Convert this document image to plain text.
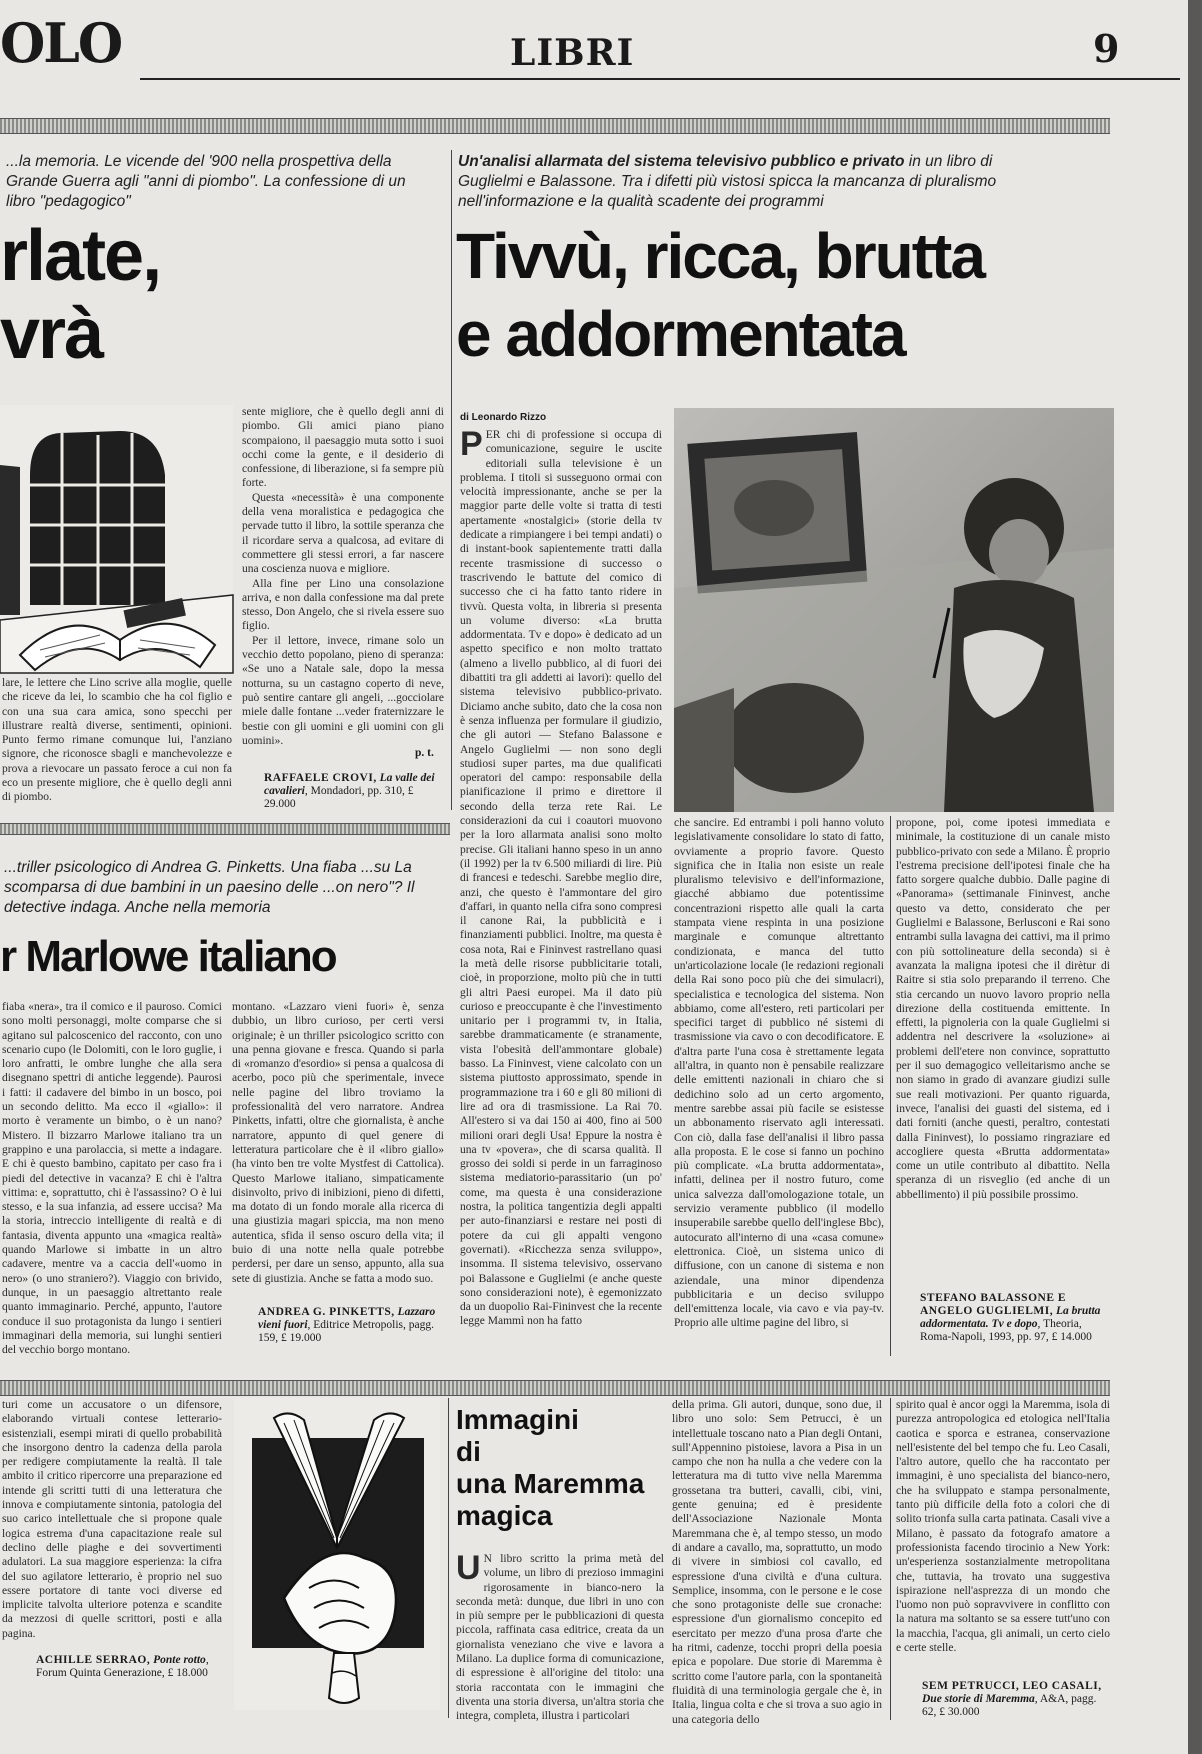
OLO	LIBRI	9
...la memoria. Le vicende del '900 nella prospettiva della Grande Guerra agli "anni di piombo". La confessione di un libro "pedagogico"
rlate,
vrà

lare, le lettere che Lino scrive alla moglie, quelle che riceve da lei, lo scambio che ha col figlio e con una sua cara amica, sono specchi per illustrare realtà diverse, sentimenti, opinioni. Punto fermo rimane comunque lui, l'anziano signore, che riconosce sbagli e manchevolezze e prova a rievocare un passato feroce a cui non fa eco un presente migliore, che è quello degli anni di piombo.

sente migliore, che è quello degli anni di piombo. Gli amici piano piano scompaiono, il paesaggio muta sotto i suoi occhi come la gente, e il desiderio di confessione, di liberazione, si fa sempre più forte.

Questa «necessità» è una componente della vena moralistica e pedagogica che pervade tutto il libro, la sottile speranza che il ricordare serva a qualcosa, ad evitare di commettere gli stessi errori, a far nascere una coscienza nuova e migliore.

Alla fine per Lino una consolazione arriva, e non dalla confessione ma dal prete stesso, Don Angelo, che si rivela essere suo figlio.

Per il lettore, invece, rimane solo un vecchio detto popolano, pieno di speranza: «Se uno a Natale sale, dopo la messa notturna, su un castagno coperto di neve, può sentire cantare gli angeli, ...gocciolare miele dalle fontane ...veder fraternizzare le bestie con gli uomini e gli uomini con gli uomini».

p. t.
RAFFAELE CROVI, La valle dei cavalieri, Mondadori, pp. 310, £ 29.000
Un'analisi allarmata del sistema televisivo pubblico e privato in un libro di Guglielmi e Balassone. Tra i difetti più vistosi spicca la mancanza di pluralismo nell'informazione e la qualità scadente dei programmi
Tivvù, ricca, brutta
e addormentata
di Leonardo Rizzo

PER chi di professione si occupa di comunicazione, seguire le uscite editoriali sulla televisione è un problema. I titoli si susseguono ormai con velocità impressionante, anche se per la maggior parte delle volte si tratta di testi apertamente «nostalgici» (storie della tv dedicate a rimpiangere i bei tempi andati) o di instant-book sapientemente tratti dalla recente trasmissione di successo o trascrivendo le battute del comico di successo che ci ha fatto tanto ridere in tivvù. Questa volta, in libreria si presenta un volume diverso: «La brutta addormentata. Tv e dopo» è dedicato ad un aspetto specifico e non molto trattato (almeno a livello pubblico, al di fuori dei dibattiti tra gli addetti ai lavori): quello del sistema televisivo pubblico-privato. Diciamo anche subito, dato che la cosa non è senza influenza per formulare il giudizio, che gli autori — Stefano Balassone e Angelo Guglielmi — non sono degli studiosi super partes, ma due qualificati operatori del campo: responsabile della pianificazione il primo e direttore il secondo della terza rete Rai. Le considerazioni da cui i coautori muovono per la loro allarmata analisi sono molto precise. Gli italiani hanno speso in un anno (il 1992) per la tv 6.500 miliardi di lire. Più di francesi e tedeschi. Sarebbe meglio dire, anzi, che questo è l'ammontare del giro d'affari, in quanto nella cifra sono compresi il canone Rai, la pubblicità e i finanziamenti pubblici. Inoltre, ma questa è cosa nota, Rai e Fininvest rastrellano quasi la metà delle risorse pubblicitarie totali, cioè, in proporzione, molto più che in tutti gli altri Paesi europei. Ma il dato più curioso e preoccupante è che l'investimento unitario per i programmi tv, in Italia, sarebbe drammaticamente (e stranamente, vista l'obesità dell'ammontare globale) basso. La Fininvest, viene calcolato con un sistema piuttosto approssimato, spende in programmazione tra i 60 e gli 80 milioni di lire ad ora di trasmissione. La Rai 70. All'estero si va dai 150 ai 400, fino ai 500 milioni orari degli Usa! Eppure la nostra è una tv «povera», che di scarsa qualità. Il grosso dei soldi si perde in un farraginoso sistema mediatorio-parassitario (un po' come, ma questa è una considerazione nostra, la politica tangentizia degli appalti per auto-finanziarsi e restare nei posti di potere da cui gli appalti vengono governati). «Ricchezza senza sviluppo», insomma. Il sistema televisivo, osservano poi Balassone e Guglielmi (e anche queste sono considerazioni note), è egemonizzato da un duopolio Rai-Fininvest che la recente legge Mammì non ha fatto

che sancire. Ed entrambi i poli hanno voluto legislativamente consolidare lo stato di fatto, ovviamente a proprio favore. Questo significa che in Italia non esiste un reale pluralismo televisivo e dell'informazione, giacché abbiamo due potentissime concentrazioni rispetto alle quali la carta stampata viene respinta in una posizione marginale e comunque altrettanto condizionata, e manca del tutto un'articolazione locale (le redazioni regionali della Rai sono poco più che dei simulacri), specialistica e tecnologica del sistema. Non abbiamo, come all'estero, reti particolari per specifici target di pubblico né sistemi di trasmissione via cavo o con decodificatore. E d'altra parte l'una cosa è strettamente legata all'altra, in quanto non è pensabile realizzare delle emittenti nazionali in chiaro che si dedichino solo ad un certo argomento, mentre sarebbe assai più facile se esistesse un abbonamento riservato agli interessati. Con ciò, dalla fase dell'analisi il libro passa alla proposta. E le cose si fanno un pochino più complicate. «La brutta addormentata», infatti, delinea per il nostro futuro, come unica salvezza dall'omologazione totale, un servizio veramente pubblico (il modello insuperabile sarebbe quello dell'inglese Bbc), autocurato all'interno di una «casa comune» elettronica. Cioè, un sistema unico di diffusione, con un canone di sistema e non aziendale, una minor dipendenza pubblicitaria e un deciso sviluppo dell'emittenza locale, via cavo e via pay-tv. Proprio alle ultime pagine del libro, si

propone, poi, come ipotesi immediata e minimale, la costituzione di un canale misto pubblico-privato con sede a Milano. È proprio l'estrema precisione dell'ipotesi finale che ha fatto sorgere qualche dubbio. Dalle pagine di «Panorama» (settimanale Fininvest, anche questo va detto, considerato che per Guglielmi e Balassone, Berlusconi e Rai sono entrambi sulla lavagna dei cattivi, ma il primo con più sottolineature della seconda) si è avanzata la maligna ipotesi che il dirètur di Raitre si stia solo preparando il terreno. Che stia cercando un nuovo lavoro proprio nella direzione della costituenda emittente. In effetti, la pignoleria con la quale Guglielmi si addentra nel descrivere la «soluzione» ai problemi dell'etere non convince, soprattutto per il suo demagogico velleitarismo anche se non siamo in grado di avanzare giudizi sulle sue reali motivazioni. Per quanto riguarda, invece, l'analisi dei guasti del sistema, ed i dati forniti (anche questi, peraltro, contestati dalla Fininvest), lo possiamo ringraziare ed accogliere questa «Brutta addormentata» come un utile contributo al dibattito. Nella speranza di un risveglio (ed anche di un abbellimento) il più possibile prossimo.

STEFANO BALASSONE E ANGELO GUGLIELMI, La brutta addormentata. Tv e dopo, Theoria, Roma-Napoli, 1993, pp. 97, £ 14.000
...triller psicologico di Andrea G. Pinketts. Una fiaba ...su La scomparsa di due bambini in un paesino delle ...on nero"? Il detective indaga. Anche nella memoria
r Marlowe italiano

fiaba «nera», tra il comico e il pauroso. Comici sono molti personaggi, molte comparse che si agitano sul palcoscenico del racconto, con uno scenario cupo (le Dolomiti, con le loro guglie, i loro anfratti, le ombre lunghe che alla sera disegnano spettri di antiche leggende). Paurosi i fatti: il cadavere del bimbo in un bosco, poi un secondo delitto. Ma ecco il «giallo»: il morto è veramente un bimbo, o è un nano? Mistero. Il bizzarro Marlowe italiano tra un grappino e una parolaccia, si mette a indagare. E chi è questo bambino, capitato per caso fra i piedi del detective in vacanza? E chi è l'altra vittima: e, soprattutto, chi è l'assassino? O è lui stesso, e la sua infanzia, ad essere uccisa? Ma la storia, intreccio intelligente di realtà e di fantasia, diventa appunto una «magica realtà» quando Marlowe si imbatte in un altro cadavere, mentre va a caccia dell'«uomo in nero» (o uno straniero?). Viaggio con brivido, dunque, in un paesaggio altrettanto reale quanto immaginario. Perché, appunto, l'autore conduce il suo protagonista da lungo i sentieri immaginari della memoria, sui lunghi sentieri del vecchio borgo montano.

montano. «Lazzaro vieni fuori» è, senza dubbio, un libro curioso, per certi versi originale; è un thriller psicologico scritto con una penna giovane e fresca. Quando si parla di «romanzo d'esordio» si pensa a qualcosa di acerbo, poco più che sperimentale, invece nelle pagine del libro troviamo la professionalità del vero narratore. Andrea Pinketts, infatti, oltre che giornalista, è anche narratore, appunto di quel genere di letteratura particolare che è il «libro giallo» (ha vinto ben tre volte Mystfest di Cattolica). Questo Marlowe italiano, simpaticamente disinvolto, privo di inibizioni, pieno di difetti, ma dotato di un fondo morale alla ricerca di una giustizia magari spiccia, ma non meno autentica, sfida il senso oscuro della vita; il buio di una notte nella quale potrebbe perdersi, per dare un senso, appunto, alla sua sete di giustizia. Anche se fatta a modo suo.

ANDREA G. PINKETTS, Lazzaro vieni fuori, Editrice Metropolis, pagg. 159, £ 19.000

turi come un accusatore o un difensore, elaborando virtuali contese letterario-esistenziali, esempi mirati di quello probabilità che insorgono dentro la cadenza della parola per redigere compiutamente la realtà. Il tale ambito il critico ripercorre una preparazione ed intende gli scritti tutti di una letteratura che innova e compiutamente sintonia, patologia del suo carico intellettuale che si propone quale logica estrema d'una capacitazione reale sul declino delle piaghe e dei sovvertimenti adulatori. La sua maggiore esperienza: la cifra del suo agilatore letterario, è proprio nel suo essere portatore di tante voci diverse ed implicite talvolta ulteriore potenza e scandite da mezzosi di quelle scrittori, posti e alla pagina.

ACHILLE SERRAO, Ponte rotto, Forum Quinta Generazione, £ 18.000
Immagini
di
una Maremma
magica

U N libro scritto la prima metà del volume, un libro di prezioso immagini rigorosamente in bianco-nero la seconda metà: dunque, due libri in uno con in più sempre per le pubblicazioni di questa piccola, raffinata casa editrice, creata da un giornalista veneziano che vive e lavora a Milano. La duplice forma di comunicazione, di espressione è all'origine del titolo: una storia raccontata con le immagini che diventa una storia diversa, un'altra storia che integra, completa, illustra i particolari

della prima. Gli autori, dunque, sono due, il libro uno solo: Sem Petrucci, è un intellettuale toscano nato a Pian degli Ontani, sull'Appennino pistoiese, lavora a Pisa in un campo che non ha nulla a che vedere con la letteratura ma di tutto vive nella Maremma grossetana tra butteri, cavalli, cibi, vini, gente genuina; ed è presidente dell'Associazione Nazionale Monta Maremmana che è, al tempo stesso, un modo di andare a cavallo, ma, soprattutto, un modo di vivere in simbiosi col cavallo, ed espressione d'una civiltà e d'una cultura. Semplice, insomma, con le persone e le cose che sono protagoniste delle sue cronache: espressione d'un giornalismo concepito ed esercitato per mezzo d'una prosa d'arte che ha ritmi, cadenze, tocchi propri della poesia epica e popolare. Due storie di Maremma è scritto come l'autore parla, con la spontaneità fluidità di una terminologia gergale che è, in Italia, lingua colta e che si trova a suo agio in una categoria dello

spirito qual è ancor oggi la Maremma, isola di purezza antropologica ed etologica nell'Italia caotica e sporca e estranea, conservazione nell'esistente del bel tempo che fu. Leo Casali, l'altro autore, quello che ha raccontato per immagini, è uno specialista del bianco-nero, che ha sviluppato e stampa personalmente, tanto più difficile della foto a colori che di solito trionfa sulla carta patinata. Casali vive a Milano, è passato da fotografo amatore a professionista facendo tirocinio a New York: un'esperienza sostanzialmente metropolitana che, tuttavia, ha trovato una suggestiva ispirazione nell'asprezza di un mondo che l'uomo non può sopravvivere in conflitto con la natura ma soltanto se sa essere tutt'uno con la macchia, l'acqua, gli animali, un certo cielo e certe stelle.

SEM PETRUCCI, LEO CASALI, Due storie di Maremma, A&A, pagg. 62, £ 30.000
